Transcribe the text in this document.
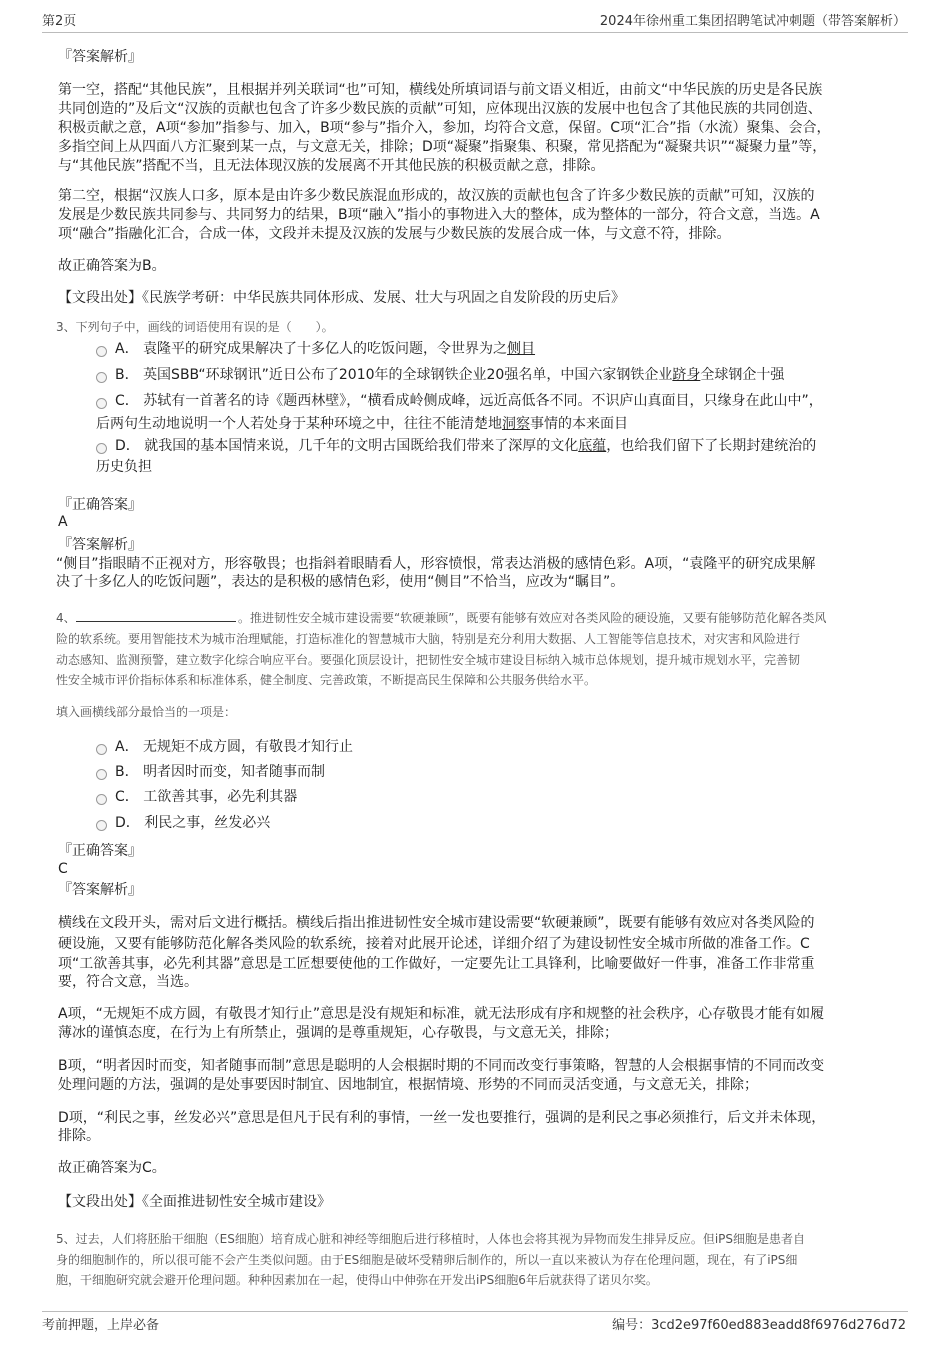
第2页	2024年徐州重工集团招聘笔试冲刺题（带答案解析）
『答案解析』
第一空，搭配“其他民族”，且根据并列关联词“也”可知，横线处所填词语与前文语义相近，由前文“中华民族的历史是各民族
共同创造的”及后文“汉族的贡献也包含了许多少数民族的贡献”可知，应体现出汉族的发展中也包含了其他民族的共同创造、
积极贡献之意，A项“参加”指参与、加入，B项“参与”指介入，参加，均符合文意，保留。C项“汇合”指（水流）聚集、会合，
多指空间上从四面八方汇聚到某一点，与文意无关，排除；D项“凝聚”指聚集、积聚，常见搭配为“凝聚共识”“凝聚力量”等，
与“其他民族”搭配不当，且无法体现汉族的发展离不开其他民族的积极贡献之意，排除。
第二空，根据“汉族人口多，原本是由许多少数民族混血形成的，故汉族的贡献也包含了许多少数民族的贡献”可知，汉族的
发展是少数民族共同参与、共同努力的结果，B项“融入”指小的事物进入大的整体，成为整体的一部分，符合文意，当选。A
项“融合”指融化汇合，合成一体，文段并未提及汉族的发展与少数民族的发展合成一体，与文意不符，排除。
故正确答案为B。
【文段出处】《民族学考研：中华民族共同体形成、发展、壮大与巩固之自发阶段的历史后》
3、下列句子中，画线的词语使用有误的是（　　）。
A． 袁隆平的研究成果解决了十多亿人的吃饭问题，令世界为之侧目
B． 英国SBB“环球钢讯”近日公布了2010年的全球钢铁企业20强名单，中国六家钢铁企业跻身全球钢企十强
C． 苏轼有一首著名的诗《题西林壁》，“横看成岭侧成峰，远近高低各不同。不识庐山真面目，只缘身在此山中”，
后两句生动地说明一个人若处身于某种环境之中，往往不能清楚地洞察事情的本来面目
D． 就我国的基本国情来说，几千年的文明古国既给我们带来了深厚的文化底蕴，也给我们留下了长期封建统治的
历史负担
『正确答案』
A
『答案解析』
“侧目”指眼睛不正视对方，形容敬畏；也指斜着眼睛看人，形容愤恨，常表达消极的感情色彩。A项，“袁隆平的研究成果解
决了十多亿人的吃饭问题”，表达的是积极的感情色彩，使用“侧目”不恰当，应改为“瞩目”。
4、	。推进韧性安全城市建设需要“软硬兼顾”，既要有能够有效应对各类风险的硬设施，又要有能够防范化解各类风
险的软系统。要用智能技术为城市治理赋能，打造标准化的智慧城市大脑，特别是充分利用大数据、人工智能等信息技术，对灾害和风险进行
动态感知、监测预警，建立数字化综合响应平台。要强化顶层设计，把韧性安全城市建设目标纳入城市总体规划，提升城市规划水平，完善韧
性安全城市评价指标体系和标准体系，健全制度、完善政策，不断提高民生保障和公共服务供给水平。
填入画横线部分最恰当的一项是：
A． 无规矩不成方圆，有敬畏才知行止
B． 明者因时而变，知者随事而制
C． 工欲善其事，必先利其器
D． 利民之事，丝发必兴
『正确答案』
C
『答案解析』
横线在文段开头，需对后文进行概括。横线后指出推进韧性安全城市建设需要“软硬兼顾”，既要有能够有效应对各类风险的
硬设施，又要有能够防范化解各类风险的软系统，接着对此展开论述，详细介绍了为建设韧性安全城市所做的准备工作。C
项“工欲善其事，必先利其器”意思是工匠想要使他的工作做好，一定要先让工具锋利，比喻要做好一件事，准备工作非常重
要，符合文意，当选。
A项，“无规矩不成方圆，有敬畏才知行止”意思是没有规矩和标准，就无法形成有序和规整的社会秩序，心存敬畏才能有如履
薄冰的谨慎态度，在行为上有所禁止，强调的是尊重规矩，心存敬畏，与文意无关，排除；
B项，“明者因时而变，知者随事而制”意思是聪明的人会根据时期的不同而改变行事策略，智慧的人会根据事情的不同而改变
处理问题的方法，强调的是处事要因时制宜、因地制宜，根据情境、形势的不同而灵活变通，与文意无关，排除；
D项，“利民之事，丝发必兴”意思是但凡于民有利的事情，一丝一发也要推行，强调的是利民之事必须推行，后文并未体现，
排除。
故正确答案为C。
【文段出处】《全面推进韧性安全城市建设》
5、过去，人们将胚胎干细胞（ES细胞）培育成心脏和神经等细胞后进行移植时，人体也会将其视为异物而发生排异反应。但iPS细胞是患者自
身的细胞制作的，所以很可能不会产生类似问题。由于ES细胞是破坏受精卵后制作的，所以一直以来被认为存在伦理问题，现在，有了iPS细
胞，干细胞研究就会避开伦理问题。种种因素加在一起，使得山中伸弥在开发出iPS细胞6年后就获得了诺贝尔奖。
考前押题，上岸必备	编号：3cd2e97f60ed883eadd8f6976d276d72
